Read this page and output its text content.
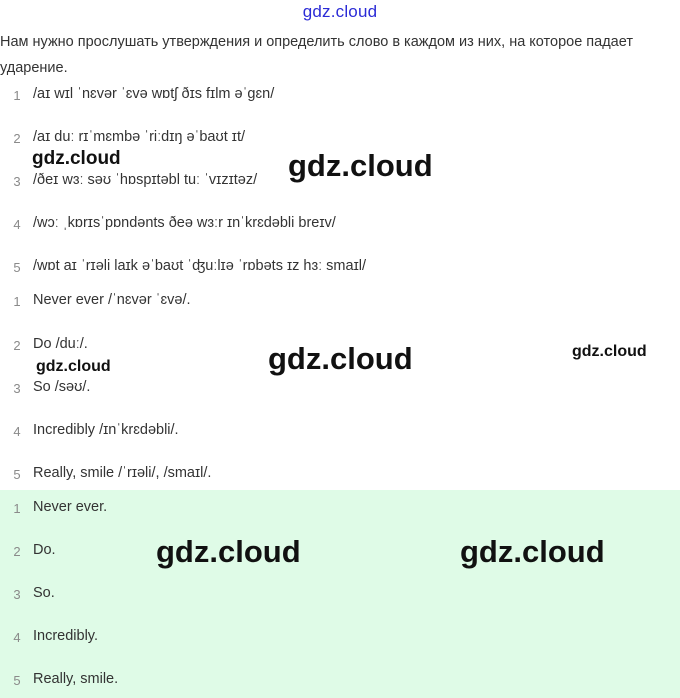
gdz.cloud
Нам нужно прослушать утверждения и определить слово в каждом из них, на которое падает ударение.
1 /aɪ wɪl ˈnɛvər ˈɛvə wɒtʃ ðɪs fɪlm əˈgɛn/
2 /aɪ duː rɪˈmɛmbə ˈriːdɪŋ əˈbaʊt ɪt/
3 /ðeɪ wɜː səʊ ˈhɒspɪtəbl tuː ˈvɪzɪtəz/
4 /wɔː ˌkɒrɪsˈpɒndənts ðeə wɜːr ɪnˈkrɛdəbli breɪv/
5 /wɒt aɪ ˈrɪəli laɪk əˈbaʊt ˈʤuːlɪə ˈrɒbəts ɪz hɜː smaɪl/
1 Never ever /ˈnɛvər ˈɛvə/.
2 Do /duː/.
3 So /səʊ/.
4 Incredibly /ɪnˈkrɛdəbli/.
5 Really, smile /ˈrɪəli/, /smaɪl/.
1 Never ever.
2 Do.
3 So.
4 Incredibly.
5 Really, smile.
gdz.cloud	gdz.cloud
gdz.cloud	gdz.cloud
gdz.cloud
gdz.cloud	gdz.cloud
